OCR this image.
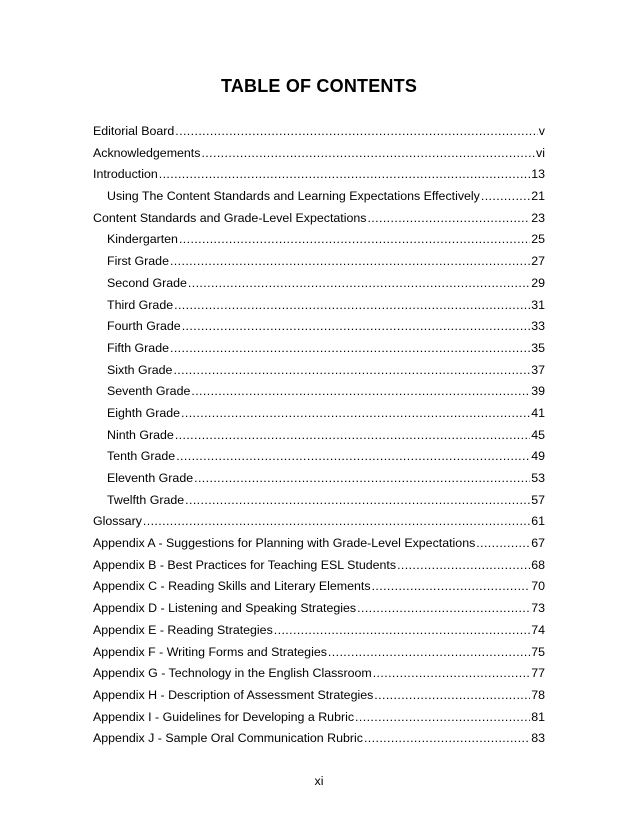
TABLE OF CONTENTS
Editorial Board .....	v
Acknowledgements .....	vi
Introduction .....	13
Using The Content Standards and Learning Expectations Effectively .....	21
Content Standards and Grade-Level Expectations .....	23
Kindergarten .....	25
First Grade .....	27
Second Grade .....	29
Third Grade .....	31
Fourth Grade .....	33
Fifth Grade .....	35
Sixth Grade .....	37
Seventh Grade .....	39
Eighth Grade .....	41
Ninth Grade .....	45
Tenth Grade .....	49
Eleventh Grade .....	53
Twelfth Grade .....	57
Glossary .....	61
Appendix A - Suggestions for Planning with Grade-Level Expectations .....	67
Appendix B - Best Practices for Teaching ESL Students .....	68
Appendix C - Reading Skills and Literary Elements .....	70
Appendix D - Listening and Speaking Strategies .....	73
Appendix E - Reading Strategies .....	74
Appendix F - Writing Forms and Strategies .....	75
Appendix G - Technology in the English Classroom .....	77
Appendix H - Description of Assessment Strategies .....	78
Appendix I - Guidelines for Developing a Rubric .....	81
Appendix J - Sample Oral Communication Rubric .....	83
xi
